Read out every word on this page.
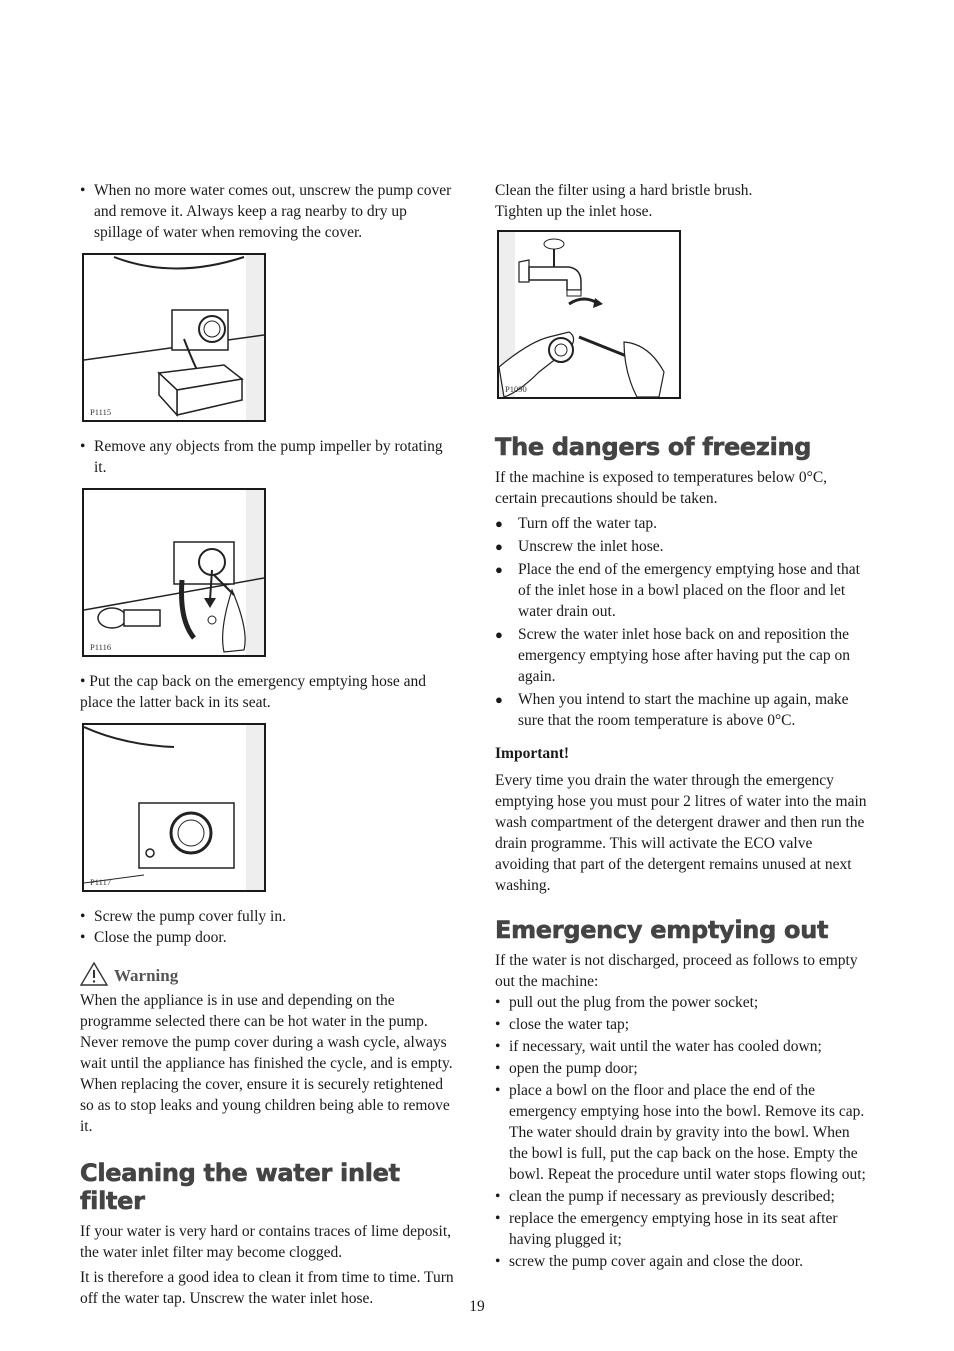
• When no more water comes out, unscrew the pump cover and remove it. Always keep a rag nearby to dry up spillage of water when removing the cover.
P1115
• Remove any objects from the pump impeller by rotating it.
P1116

• Put the cap back on the emergency emptying hose and place the latter back in its seat.

P1117
• Screw the pump cover fully in.
• Close the pump door.
Warning

When the appliance is in use and depending on the programme selected there can be hot water in the pump. Never remove the pump cover during a wash cycle, always wait until the appliance has finished the cycle, and is empty. When replacing the cover, ensure it is securely retightened so as to stop leaks and young children being able to remove it.

Cleaning the water inlet filter

If your water is very hard or contains traces of lime deposit, the water inlet filter may become clogged.

It is therefore a good idea to clean it from time to time. Turn off the water tap. Unscrew the water inlet hose.

Clean the filter using a hard bristle brush.

Tighten up the inlet hose.

P1090
The dangers of freezing

If the machine is exposed to temperatures below 0°C, certain precautions should be taken.

● Turn off the water tap.
● Unscrew the inlet hose.
● Place the end of the emergency emptying hose and that of the inlet hose in a bowl placed on the floor and let water drain out.
● Screw the water inlet hose back on and reposition the emergency emptying hose after having put the cap on again.
● When you intend to start the machine up again, make sure that the room temperature is above 0°C.
Important!

Every time you drain the water through the emergency emptying hose you must pour 2 litres of water into the main wash compartment of the detergent drawer and then run the drain programme. This will activate the ECO valve avoiding that part of the detergent remains unused at next washing.

Emergency emptying out

If the water is not discharged, proceed as follows to empty out the machine:

• pull out the plug from the power socket;
• close the water tap;
• if necessary, wait until the water has cooled down;
• open the pump door;
• place a bowl on the floor and place the end of the emergency emptying hose into the bowl. Remove its cap. The water should drain by gravity into the bowl. When the bowl is full, put the cap back on the hose. Empty the bowl. Repeat the procedure until water stops flowing out;
• clean the pump if necessary as previously described;
• replace the emergency emptying hose in its seat after having plugged it;
• screw the pump cover again and close the door.
19
